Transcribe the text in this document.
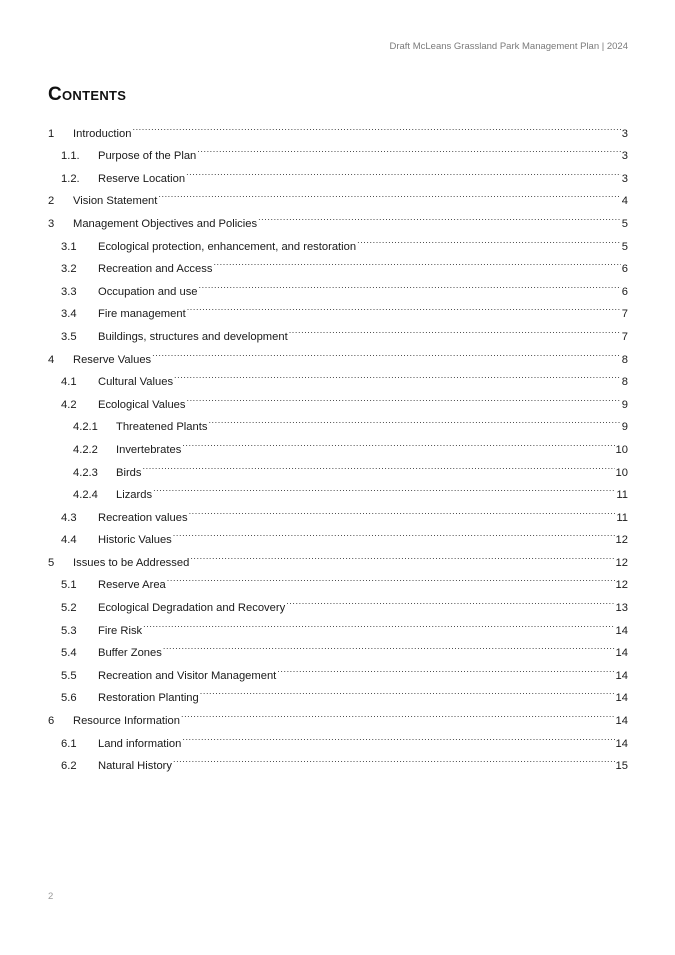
Draft McLeans Grassland Park Management Plan | 2024
Contents
1	Introduction .....	3
1.1.	Purpose of the Plan .....	3
1.2.	Reserve Location .....	3
2	Vision Statement .....	4
3	Management Objectives and Policies .....	5
3.1	Ecological protection, enhancement, and restoration .....	5
3.2	Recreation and Access .....	6
3.3	Occupation and use .....	6
3.4	Fire management .....	7
3.5	Buildings, structures and development .....	7
4	Reserve Values .....	8
4.1	Cultural Values .....	8
4.2	Ecological Values .....	9
4.2.1	Threatened Plants .....	9
4.2.2	Invertebrates .....	10
4.2.3	Birds .....	10
4.2.4	Lizards .....	11
4.3	Recreation values .....	11
4.4	Historic Values .....	12
5	Issues to be Addressed .....	12
5.1	Reserve Area .....	12
5.2	Ecological Degradation and Recovery .....	13
5.3	Fire Risk .....	14
5.4	Buffer Zones .....	14
5.5	Recreation and Visitor Management .....	14
5.6	Restoration Planting .....	14
6	Resource Information .....	14
6.1	Land information .....	14
6.2	Natural History .....	15
2
